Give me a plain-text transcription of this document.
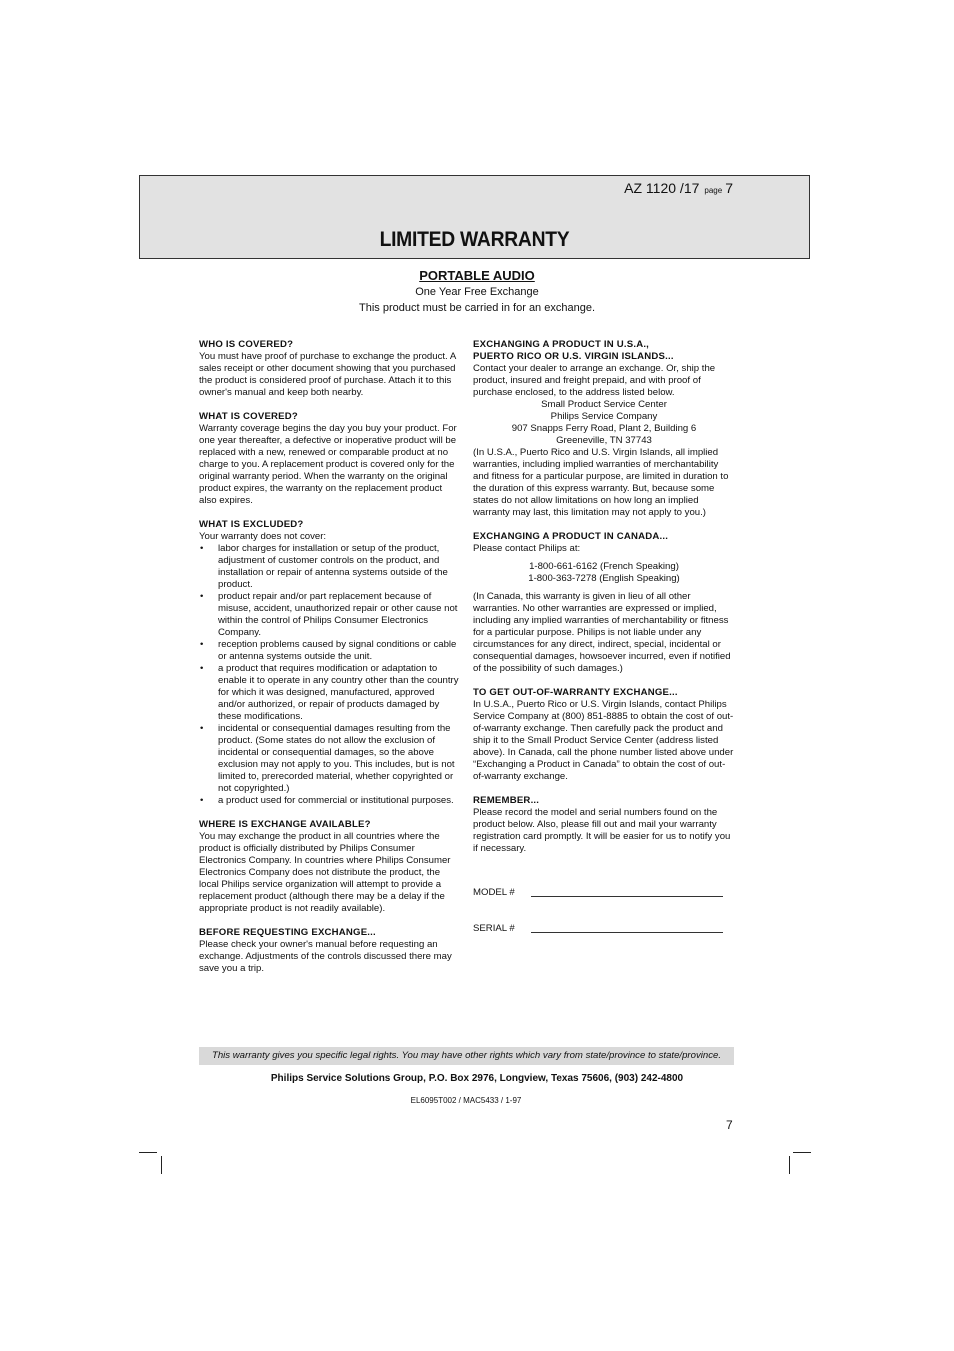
AZ 1120 /17 page 7
LIMITED WARRANTY
PORTABLE AUDIO
One Year Free Exchange
This product must be carried in for an exchange.
WHO IS COVERED?

You must have proof of purchase to exchange the product. A sales receipt or other document showing that you purchased the product is considered proof of purchase. Attach it to this owner's manual and keep both nearby.

WHAT IS COVERED?

Warranty coverage begins the day you buy your product. For one year thereafter, a defective or inoperative product will be replaced with a new, renewed or comparable product at no charge to you. A replacement product is covered only for the original warranty period. When the warranty on the original product expires, the warranty on the replacement product also expires.

WHAT IS EXCLUDED?

Your warranty does not cover:

• labor charges for installation or setup of the product, adjustment of customer controls on the product, and installation or repair of antenna systems outside of the product.
• product repair and/or part replacement because of misuse, accident, unauthorized repair or other cause not within the control of Philips Consumer Electronics Company.
• reception problems caused by signal conditions or cable or antenna systems outside the unit.
• a product that requires modification or adaptation to enable it to operate in any country other than the country for which it was designed, manufactured, approved and/or authorized, or repair of products damaged by these modifications.
• incidental or consequential damages resulting from the product. (Some states do not allow the exclusion of incidental or consequential damages, so the above exclusion may not apply to you. This includes, but is not limited to, prerecorded material, whether copyrighted or not copyrighted.)
• a product used for commercial or institutional purposes.
WHERE IS EXCHANGE AVAILABLE?

You may exchange the product in all countries where the product is officially distributed by Philips Consumer Electronics Company. In countries where Philips Consumer Electronics Company does not distribute the product, the local Philips service organization will attempt to provide a replacement product (although there may be a delay if the appropriate product is not readily available).

BEFORE REQUESTING EXCHANGE...

Please check your owner's manual before requesting an exchange. Adjustments of the controls discussed there may save you a trip.

EXCHANGING A PRODUCT IN U.S.A.,
PUERTO RICO OR U.S. VIRGIN ISLANDS...

Contact your dealer to arrange an exchange. Or, ship the product, insured and freight prepaid, and with proof of purchase enclosed, to the address listed below.

Small Product Service Center

Philips Service Company

907 Snapps Ferry Road, Plant 2, Building 6

Greeneville, TN 37743

(In U.S.A., Puerto Rico and U.S. Virgin Islands, all implied warranties, including implied warranties of merchantability and fitness for a particular purpose, are limited in duration to the duration of this express warranty. But, because some states do not allow limitations on how long an implied warranty may last, this limitation may not apply to you.)

EXCHANGING A PRODUCT IN CANADA...

Please contact Philips at:

1-800-661-6162 (French Speaking)

1-800-363-7278 (English Speaking)

(In Canada, this warranty is given in lieu of all other warranties. No other warranties are expressed or implied, including any implied warranties of merchantability or fitness for a particular purpose. Philips is not liable under any circumstances for any direct, indirect, special, incidental or consequential damages, howsoever incurred, even if notified of the possibility of such damages.)

TO GET OUT-OF-WARRANTY EXCHANGE...

In U.S.A., Puerto Rico or U.S. Virgin Islands, contact Philips Service Company at (800) 851-8885 to obtain the cost of out-of-warranty exchange. Then carefully pack the product and ship it to the Small Product Service Center (address listed above). In Canada, call the phone number listed above under “Exchanging a Product in Canada” to obtain the cost of out-of-warranty exchange.

REMEMBER...

Please record the model and serial numbers found on the product below. Also, please fill out and mail your warranty registration card promptly. It will be easier for us to notify you if necessary.

MODEL #
SERIAL #
This warranty gives you specific legal rights. You may have other rights which vary from state/province to state/province.
Philips Service Solutions Group, P.O. Box 2976, Longview, Texas 75606, (903) 242-4800
EL6095T002 / MAC5433 / 1-97
7
